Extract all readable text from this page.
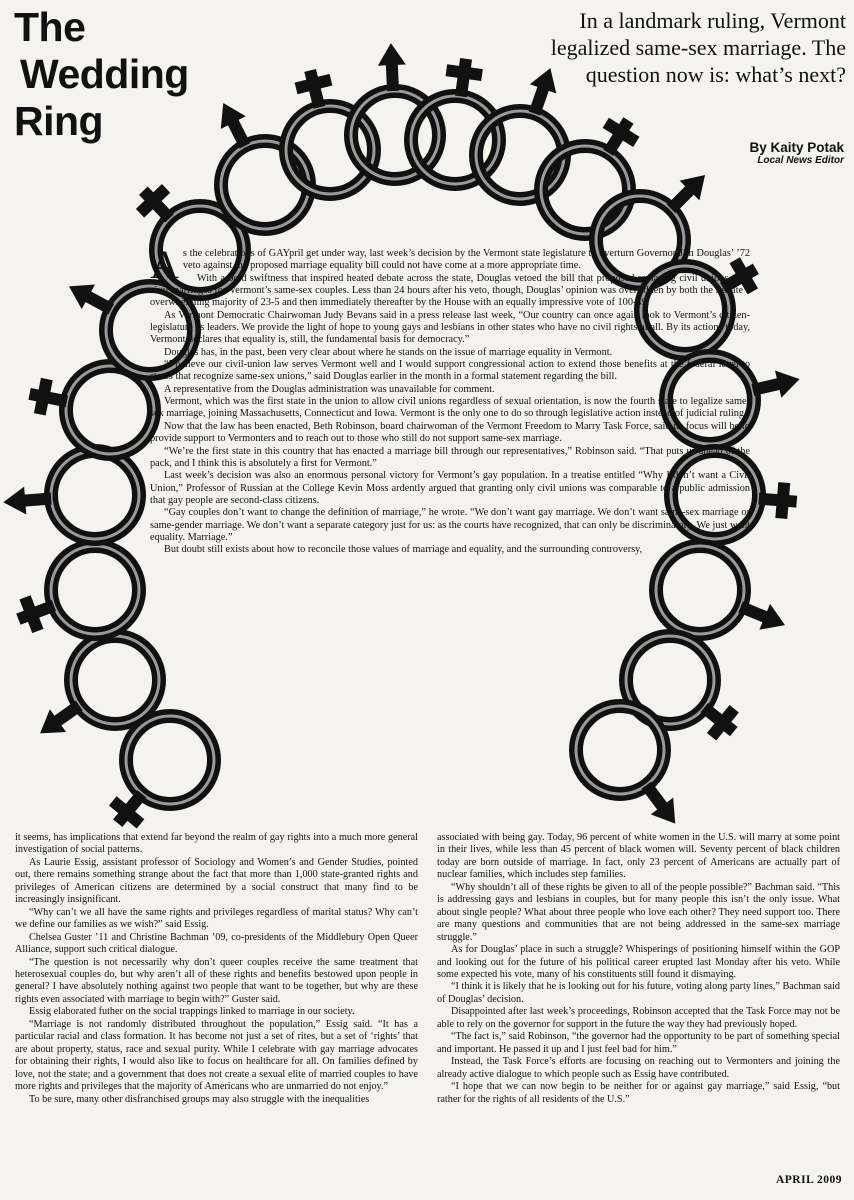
The
Wedding
Ring
In a landmark ruling, Vermont legalized same-sex marriage. The question now is: what’s next?
By Kaity Potak
Local News Editor

As the celebrations of GAYpril get under way, last week’s decision by the Vermont state legislature to overturn Governor Jim Douglas’ ’72 veto against the proposed marriage equality bill could not have come at a more appropriate time.

With a bold swiftness that inspired heated debate across the state, Douglas vetoed the bill that proposed replacing civil unions with civil marriages for Vermont’s same-sex couples. Less than 24 hours after his veto, though, Douglas’ opinion was overridden by both the Senate’s overwhelming majority of 23-5 and then immediately thereafter by the House with an equally impressive vote of 100-49.

As Vermont Democratic Chairwoman Judy Bevans said in a press release last week, “Our country can once again look to Vermont’s citizen-legislature as leaders. We provide the light of hope to young gays and lesbians in other states who have no civil rights at all. By its actions today, Vermont declares that equality is, still, the fundamental basis for democracy.”

Douglas has, in the past, been very clear about where he stands on the issue of marriage equality in Vermont.

“I believe our civil-union law serves Vermont well and I would support congressional action to extend those benefits at the federal level to states that recognize same-sex unions,” said Douglas earlier in the month in a formal statement regarding the bill.

A representative from the Douglas administration was unavailable for comment.

Vermont, which was the first state in the union to allow civil unions regardless of sexual orientation, is now the fourth state to legalize same-sex marriage, joining Massachusetts, Connecticut and Iowa. Vermont is the only one to do so through legislative action instead of judicial ruling.

Now that the law has been enacted, Beth Robinson, board chairwoman of the Vermont Freedom to Marry Task Force, said its focus will be to provide support to Vermonters and to reach out to those who still do not support same-sex marriage.

“We’re the first state in this country that has enacted a marriage bill through our representatives,” Robinson said. “That puts us ahead of the pack, and I think this is absolutely a first for Vermont.”

Last week’s decision was also an enormous personal victory for Vermont’s gay population. In a treatise entitled “Why I don’t want a Civil Union,” Professor of Russian at the College Kevin Moss ardently argued that granting only civil unions was comparable to a public admission that gay people are second-class citizens.

“Gay couples don’t want to change the definition of marriage,” he wrote. “We don’t want gay marriage. We don’t want same-sex marriage or same-gender marriage. We don’t want a separate category just for us: as the courts have recognized, that can only be discriminatory. We just want equality. Marriage.”

But doubt still exists about how to reconcile those values of marriage and equality, and the surrounding controversy,

it seems, has implications that extend far beyond the realm of gay rights into a much more general investigation of social patterns.

As Laurie Essig, assistant professor of Sociology and Women’s and Gender Studies, pointed out, there remains something strange about the fact that more than 1,000 state-granted rights and privileges of American citizens are determined by a social construct that many find to be increasingly insignificant.

“Why can’t we all have the same rights and privileges regardless of marital status? Why can’t we define our families as we wish?” said Essig.

Chelsea Guster ’11 and Christine Bachman ’09, co-presidents of the Middlebury Open Queer Alliance, support such critical dialogue.

“The question is not necessarily why don’t queer couples receive the same treatment that heterosexual couples do, but why aren’t all of these rights and benefits bestowed upon people in general? I have absolutely nothing against two people that want to be together, but why are these rights even associated with marriage to begin with?” Guster said.

Essig elaborated futher on the social trappings linked to marriage in our society.

“Marriage is not randomly distributed throughout the population,” Essig said. “It has a particular racial and class formation. It has become not just a set of rites, but a set of ‘rights’ that are about property, status, race and sexual purity. While I celebrate with gay marriage advocates for obtaining their rights, I would also like to focus on healthcare for all. On families defined by love, not the state; and a government that does not create a sexual elite of married couples to have more rights and privileges that the majority of Americans who are unmarried do not enjoy.”

To be sure, many other disfranchised groups may also struggle with the inequalities

associated with being gay. Today, 96 percent of white women in the U.S. will marry at some point in their lives, while less than 45 percent of black women will. Seventy percent of black children today are born outside of marriage. In fact, only 23 percent of Americans are actually part of nuclear families, which includes step families.

“Why shouldn’t all of these rights be given to all of the people possible?” Bachman said. “This is addressing gays and lesbians in couples, but for many people this isn’t the only issue. What about single people? What about three people who love each other? They need support too. There are many questions and communities that are not being addressed in the same-sex marriage struggle.”

As for Douglas’ place in such a struggle? Whisperings of positioning himself within the GOP and looking out for the future of his political career erupted last Monday after his veto. While some expected his vote, many of his constituents still found it dismaying.

“I think it is likely that he is looking out for his future, voting along party lines,” Bachman said of Douglas’ decision.

Disappointed after last week’s proceedings, Robinson accepted that the Task Force may not be able to rely on the governor for support in the future the way they had previously hoped.

“The fact is,” said Robinson, “the governor had the opportunity to be part of something special and important. He passed it up and I just feel bad for him.”

Instead, the Task Force’s efforts are focusing on reaching out to Vermonters and joining the already active dialogue to which people such as Essig have contributed.

“I hope that we can now begin to be neither for or against gay marriage,” said Essig, “but rather for the rights of all residents of the U.S.”

APRIL 2009
